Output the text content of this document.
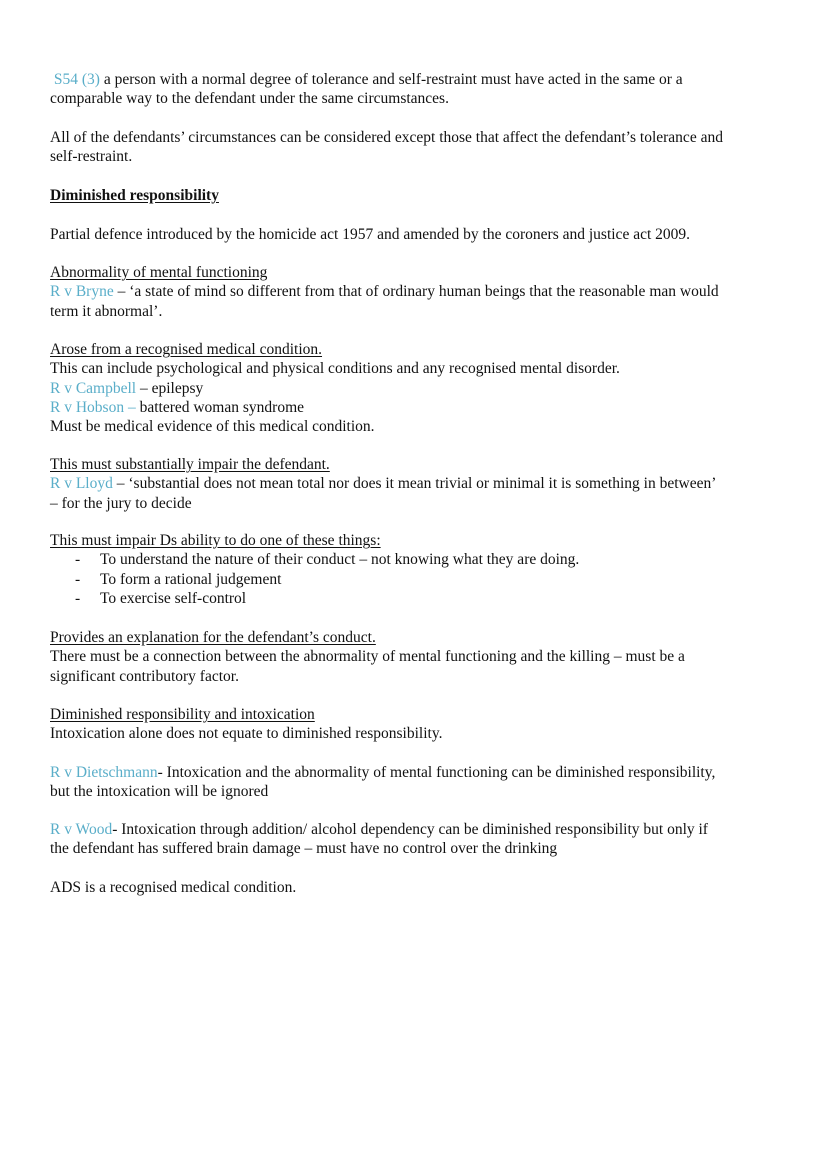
S54 (3) a person with a normal degree of tolerance and self-restraint must have acted in the same or a
comparable way to the defendant under the same circumstances.
All of the defendants’ circumstances can be considered except those that affect the defendant’s tolerance and
self-restraint.
Diminished responsibility
Partial defence introduced by the homicide act 1957 and amended by the coroners and justice act 2009.
Abnormality of mental functioning
R v Bryne – ‘a state of mind so different from that of ordinary human beings that the reasonable man would
term it abnormal’.
Arose from a recognised medical condition.
This can include psychological and physical conditions and any recognised mental disorder.
R v Campbell – epilepsy
R v Hobson – battered woman syndrome
Must be medical evidence of this medical condition.
This must substantially impair the defendant.
R v Lloyd – ‘substantial does not mean total nor does it mean trivial or minimal it is something in between’
– for the jury to decide
This must impair Ds ability to do one of these things:
- To understand the nature of their conduct – not knowing what they are doing.
- To form a rational judgement
- To exercise self-control
Provides an explanation for the defendant’s conduct.
There must be a connection between the abnormality of mental functioning and the killing – must be a
significant contributory factor.
Diminished responsibility and intoxication
Intoxication alone does not equate to diminished responsibility.
R v Dietschmann- Intoxication and the abnormality of mental functioning can be diminished responsibility,
but the intoxication will be ignored
R v Wood- Intoxication through addition/ alcohol dependency can be diminished responsibility but only if
the defendant has suffered brain damage – must have no control over the drinking
ADS is a recognised medical condition.
